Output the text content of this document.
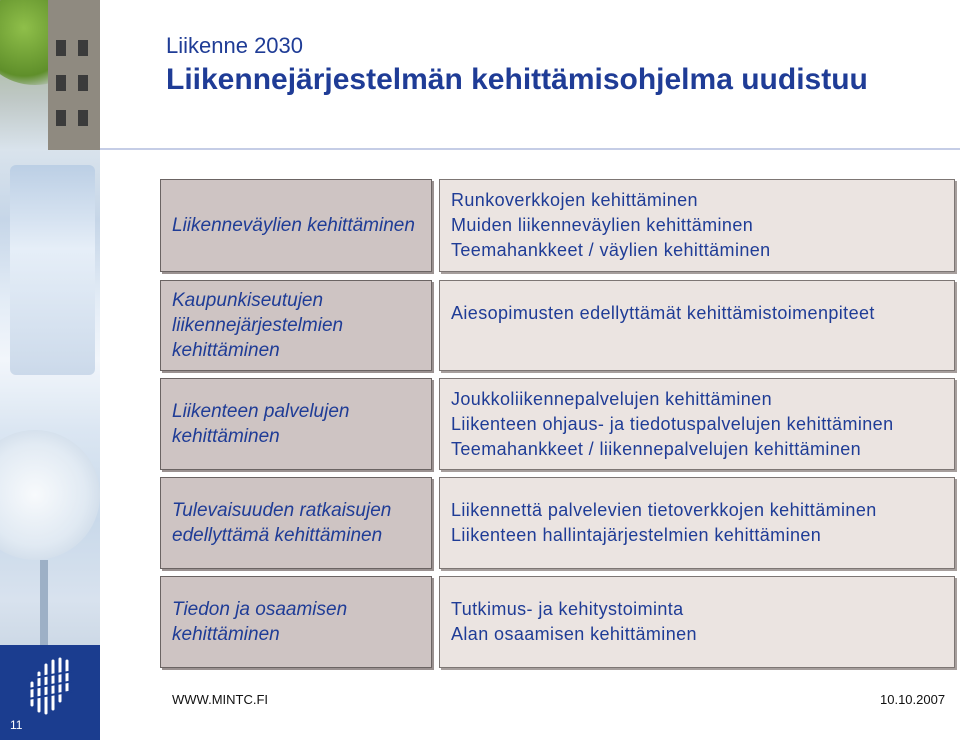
11
Liikenne 2030
Liikennejärjestelmän kehittämisohjelma uudistuu
Liikenneväylien kehittäminen
Runkoverkkojen kehittäminen
Muiden liikenneväylien kehittäminen
Teemahankkeet / väylien kehittäminen
Kaupunkiseutujen liikennejärjestelmien kehittäminen
Aiesopimusten edellyttämät kehittämistoimenpiteet
Liikenteen palvelujen kehittäminen
Joukkoliikennepalvelujen kehittäminen
Liikenteen ohjaus- ja tiedotuspalvelujen kehittäminen
Teemahankkeet / liikennepalvelujen kehittäminen
Tulevaisuuden ratkaisujen edellyttämä kehittäminen
Liikennettä palvelevien tietoverkkojen kehittäminen
Liikenteen hallintajärjestelmien kehittäminen
Tiedon ja osaamisen kehittäminen
Tutkimus- ja kehitystoiminta
Alan osaamisen kehittäminen
WWW.MINTC.FI	10.10.2007
